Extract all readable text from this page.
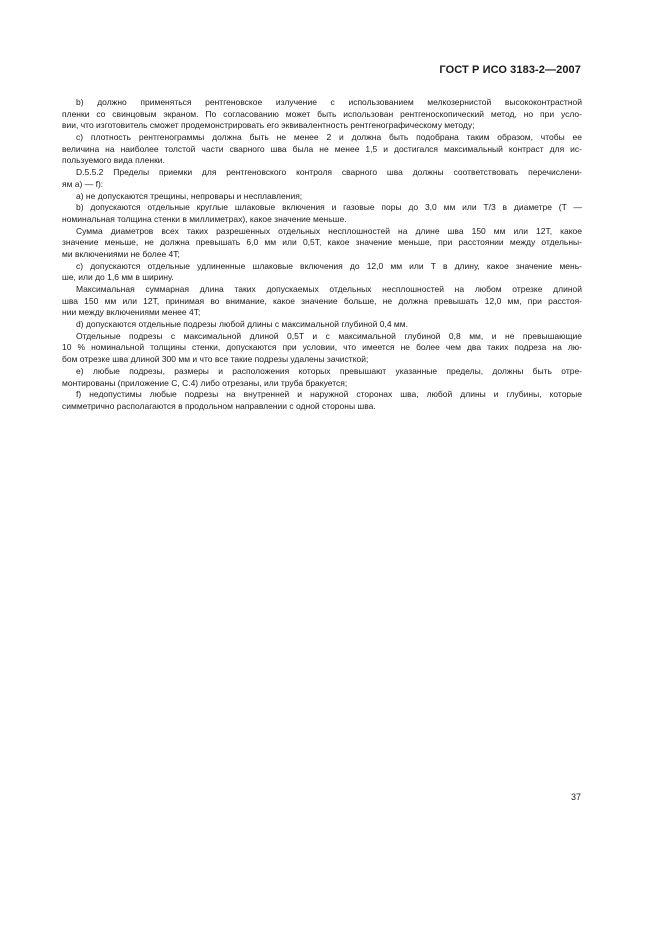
ГОСТ Р ИСО 3183-2—2007
b) должно применяться рентгеновское излучение с использованием мелкозернистой высококонтрастной
пленки со свинцовым экраном. По согласованию может быть использован рентгеноскопический метод, но при усло-
вии, что изготовитель сможет продемонстрировать его эквивалентность рентгенографическому методу;
c) плотность рентгенограммы должна быть не менее 2 и должна быть подобрана таким образом, чтобы ее
величина на наиболее толстой части сварного шва была не менее 1,5 и достигался максимальный контраст для ис-
пользуемого вида пленки.
D.5.5.2 Пределы приемки для рентгеновского контроля сварного шва должны соответствовать перечислени-
ям а) — f):
a) не допускаются трещины, непровары и несплавления;
b) допускаются отдельные круглые шлаковые включения и газовые поры до 3,0 мм или T/3 в диаметре (T —
номинальная толщина стенки в миллиметрах), какое значение меньше.
Сумма диаметров всех таких разрешенных отдельных несплошностей на длине шва 150 мм или 12T, какое
значение меньше, не должна превышать 6,0 мм или 0,5T, какое значение меньше, при расстоянии между отдельны-
ми включениями не более 4T;
c) допускаются отдельные удлиненные шлаковые включения до 12,0 мм или T в длину, какое значение мень-
ше, или до 1,6 мм в ширину.
Максимальная суммарная длина таких допускаемых отдельных несплошностей на любом отрезке длиной
шва 150 мм или 12T, принимая во внимание, какое значение больше, не должна превышать 12,0 мм, при расстоя-
нии между включениями менее 4T;
d) допускаются отдельные подрезы любой длины с максимальной глубиной 0,4 мм.
Отдельные подрезы с максимальной длиной 0,5T и с максимальной глубиной 0,8 мм, и не превышающие
10 % номинальной толщины стенки, допускаются при условии, что имеется не более чем два таких подреза на лю-
бом отрезке шва длиной 300 мм и что все такие подрезы удалены зачисткой;
e) любые подрезы, размеры и расположения которых превышают указанные пределы, должны быть отре-
монтированы (приложение C, C.4) либо отрезаны, или труба бракуется;
f) недопустимы любые подрезы на внутренней и наружной сторонах шва, любой длины и глубины, которые
симметрично располагаются в продольном направлении с одной стороны шва.
37
